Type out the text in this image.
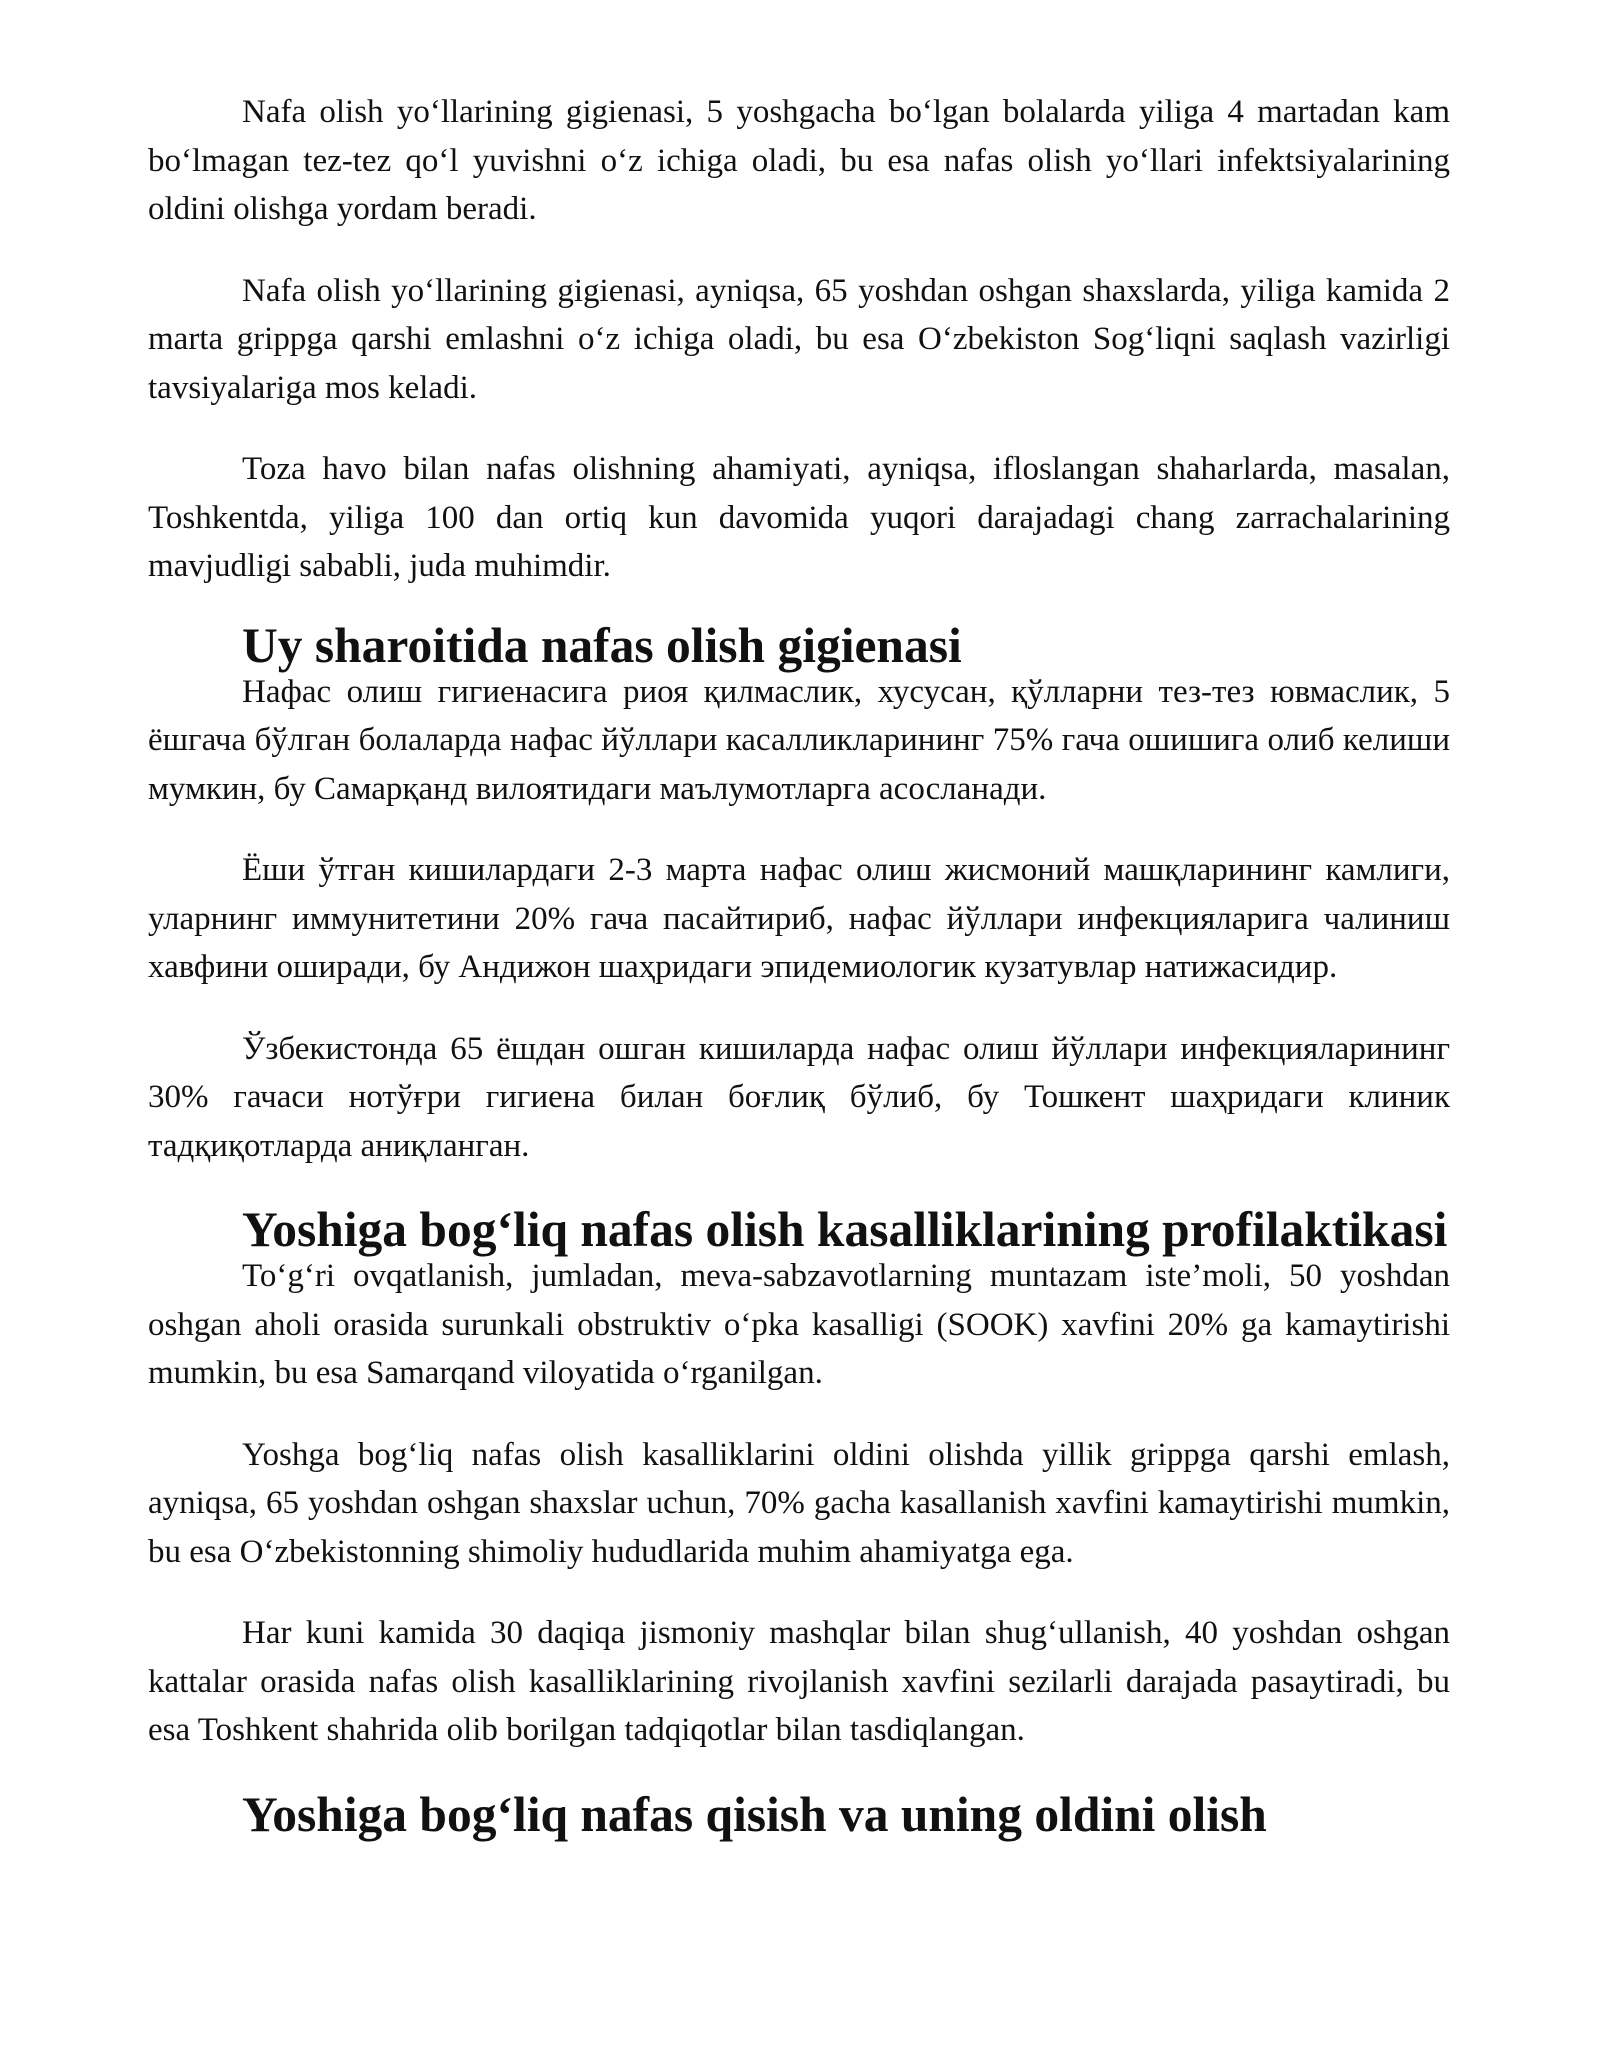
Nafa olish yo‘llarining gigienasi, 5 yoshgacha bo‘lgan bolalarda yiliga 4 martadan kam bo‘lmagan tez-tez qo‘l yuvishni o‘z ichiga oladi, bu esa nafas olish yo‘llari infektsiyalarining oldini olishga yordam beradi.

Nafa olish yo‘llarining gigienasi, ayniqsa, 65 yoshdan oshgan shaxslarda, yiliga kamida 2 marta grippga qarshi emlashni o‘z ichiga oladi, bu esa O‘zbekiston Sog‘liqni saqlash vazirligi tavsiyalariga mos keladi.

Toza havo bilan nafas olishning ahamiyati, ayniqsa, ifloslangan shaharlarda, masalan, Toshkentda, yiliga 100 dan ortiq kun davomida yuqori darajadagi chang zarrachalarining mavjudligi sababli, juda muhimdir.

Uy sharoitida nafas olish gigienasi

Нафас олиш гигиенасига риоя қилмаслик, хусусан, қўлларни тез-тез ювмаслик, 5 ёшгача бўлган болаларда нафас йўллари касалликларининг 75% гача ошишига олиб келиши мумкин, бу Самарқанд вилоятидаги маълумотларга асосланади.

Ёши ўтган кишилардаги 2-3 марта нафас олиш жисмоний машқларининг камлиги, уларнинг иммунитетини 20% гача пасайтириб, нафас йўллари инфекцияларига чалиниш хавфини оширади, бу Андижон шаҳридаги эпидемиологик кузатувлар натижасидир.

Ўзбекистонда 65 ёшдан ошган кишиларда нафас олиш йўллари инфекцияларининг 30% гачаси нотўғри гигиена билан боғлиқ бўлиб, бу Тошкент шаҳридаги клиник тадқиқотларда аниқланган.

Yoshiga bog‘liq nafas olish kasalliklarining profilaktikasi

To‘g‘ri ovqatlanish, jumladan, meva-sabzavotlarning muntazam iste’moli, 50 yoshdan oshgan aholi orasida surunkali obstruktiv o‘pka kasalligi (SOOK) xavfini 20% ga kamaytirishi mumkin, bu esa Samarqand viloyatida o‘rganilgan.

Yoshga bog‘liq nafas olish kasalliklarini oldini olishda yillik grippga qarshi emlash, ayniqsa, 65 yoshdan oshgan shaxslar uchun, 70% gacha kasallanish xavfini kamaytirishi mumkin, bu esa O‘zbekistonning shimoliy hududlarida muhim ahamiyatga ega.

Har kuni kamida 30 daqiqa jismoniy mashqlar bilan shug‘ullanish, 40 yoshdan oshgan kattalar orasida nafas olish kasalliklarining rivojlanish xavfini sezilarli darajada pasaytiradi, bu esa Toshkent shahrida olib borilgan tadqiqotlar bilan tasdiqlangan.

Yoshiga bog‘liq nafas qisish va uning oldini olish
